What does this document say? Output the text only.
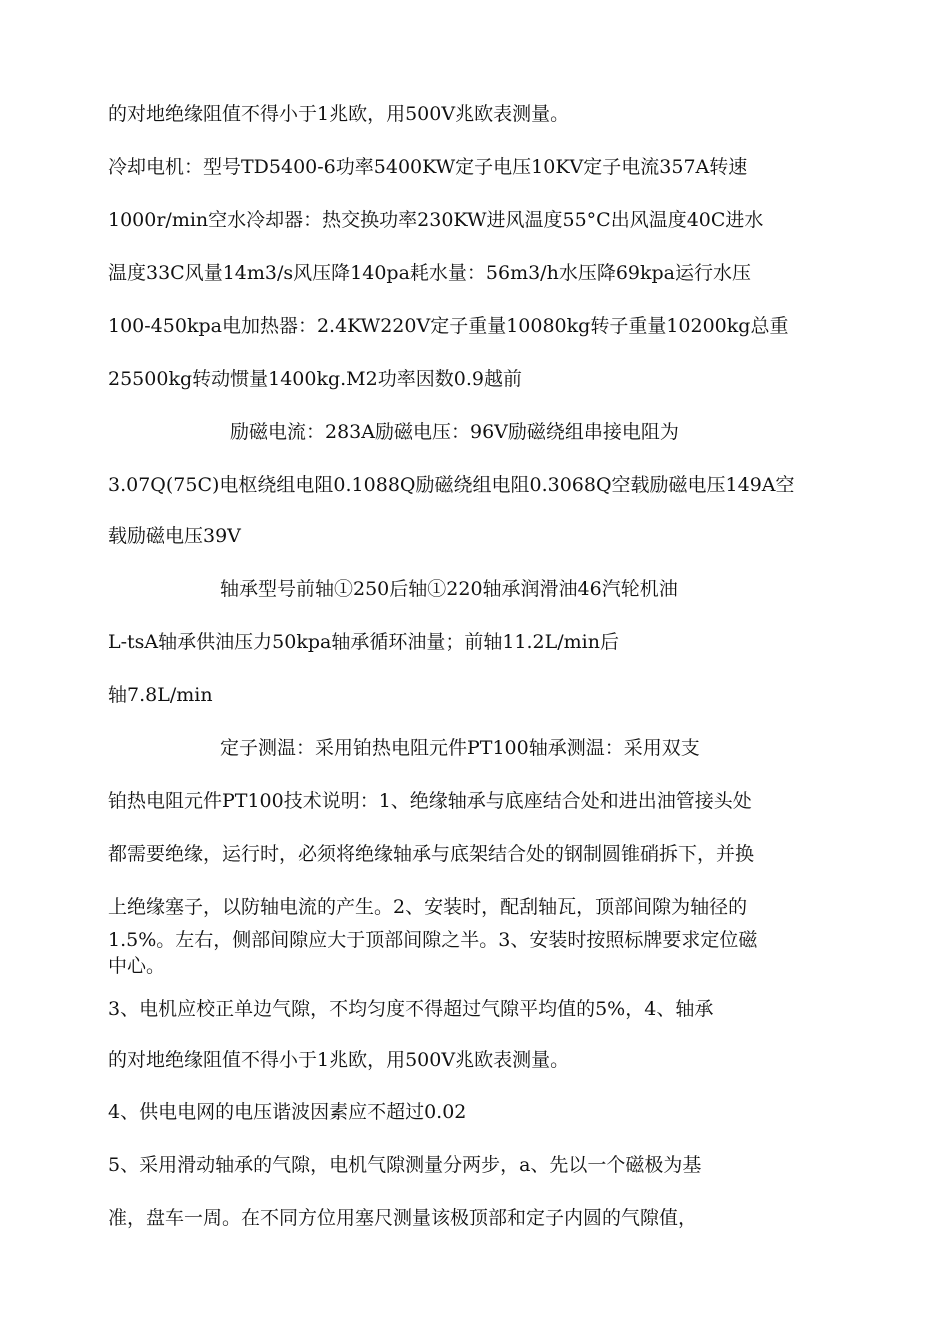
的对地绝缘阻值不得小于1兆欧，用500V兆欧表测量。
冷却电机：型号TD5400-6功率5400KW定子电压10KV定子电流357A转速
1000r/min空水冷却器：热交换功率230KW进风温度55°C出风温度40C进水
温度33C风量14m3/s风压降140pa耗水量：56m3/h水压降69kpa运行水压
100-450kpa电加热器：2.4KW220V定子重量10080kg转子重量10200kg总重
25500kg转动惯量1400kg.M2功率因数0.9越前
励磁电流：283A励磁电压：96V励磁绕组串接电阻为
3.07Q(75C)电枢绕组电阻0.1088Q励磁绕组电阻0.3068Q空载励磁电压149A空
载励磁电压39V
轴承型号前轴①250后轴①220轴承润滑油46汽轮机油
L-tsA轴承供油压力50kpa轴承循环油量；前轴11.2L/min后
轴7.8L/min
定子测温：采用铂热电阻元件PT100轴承测温：采用双支
铂热电阻元件PT100技术说明：1、绝缘轴承与底座结合处和进出油管接头处
都需要绝缘，运行时，必须将绝缘轴承与底架结合处的钢制圆锥硝拆下，并换
上绝缘塞子，以防轴电流的产生。2、安装时，配刮轴瓦，顶部间隙为轴径的
1.5%。左右，侧部间隙应大于顶部间隙之半。3、安装时按照标牌要求定位磁
中心。
3、电机应校正单边气隙，不均匀度不得超过气隙平均值的5%，4、轴承
的对地绝缘阻值不得小于1兆欧，用500V兆欧表测量。
4、供电电网的电压谐波因素应不超过0.02
5、采用滑动轴承的气隙，电机气隙测量分两步，a、先以一个磁极为基
准，盘车一周。在不同方位用塞尺测量该极顶部和定子内圆的气隙值，
